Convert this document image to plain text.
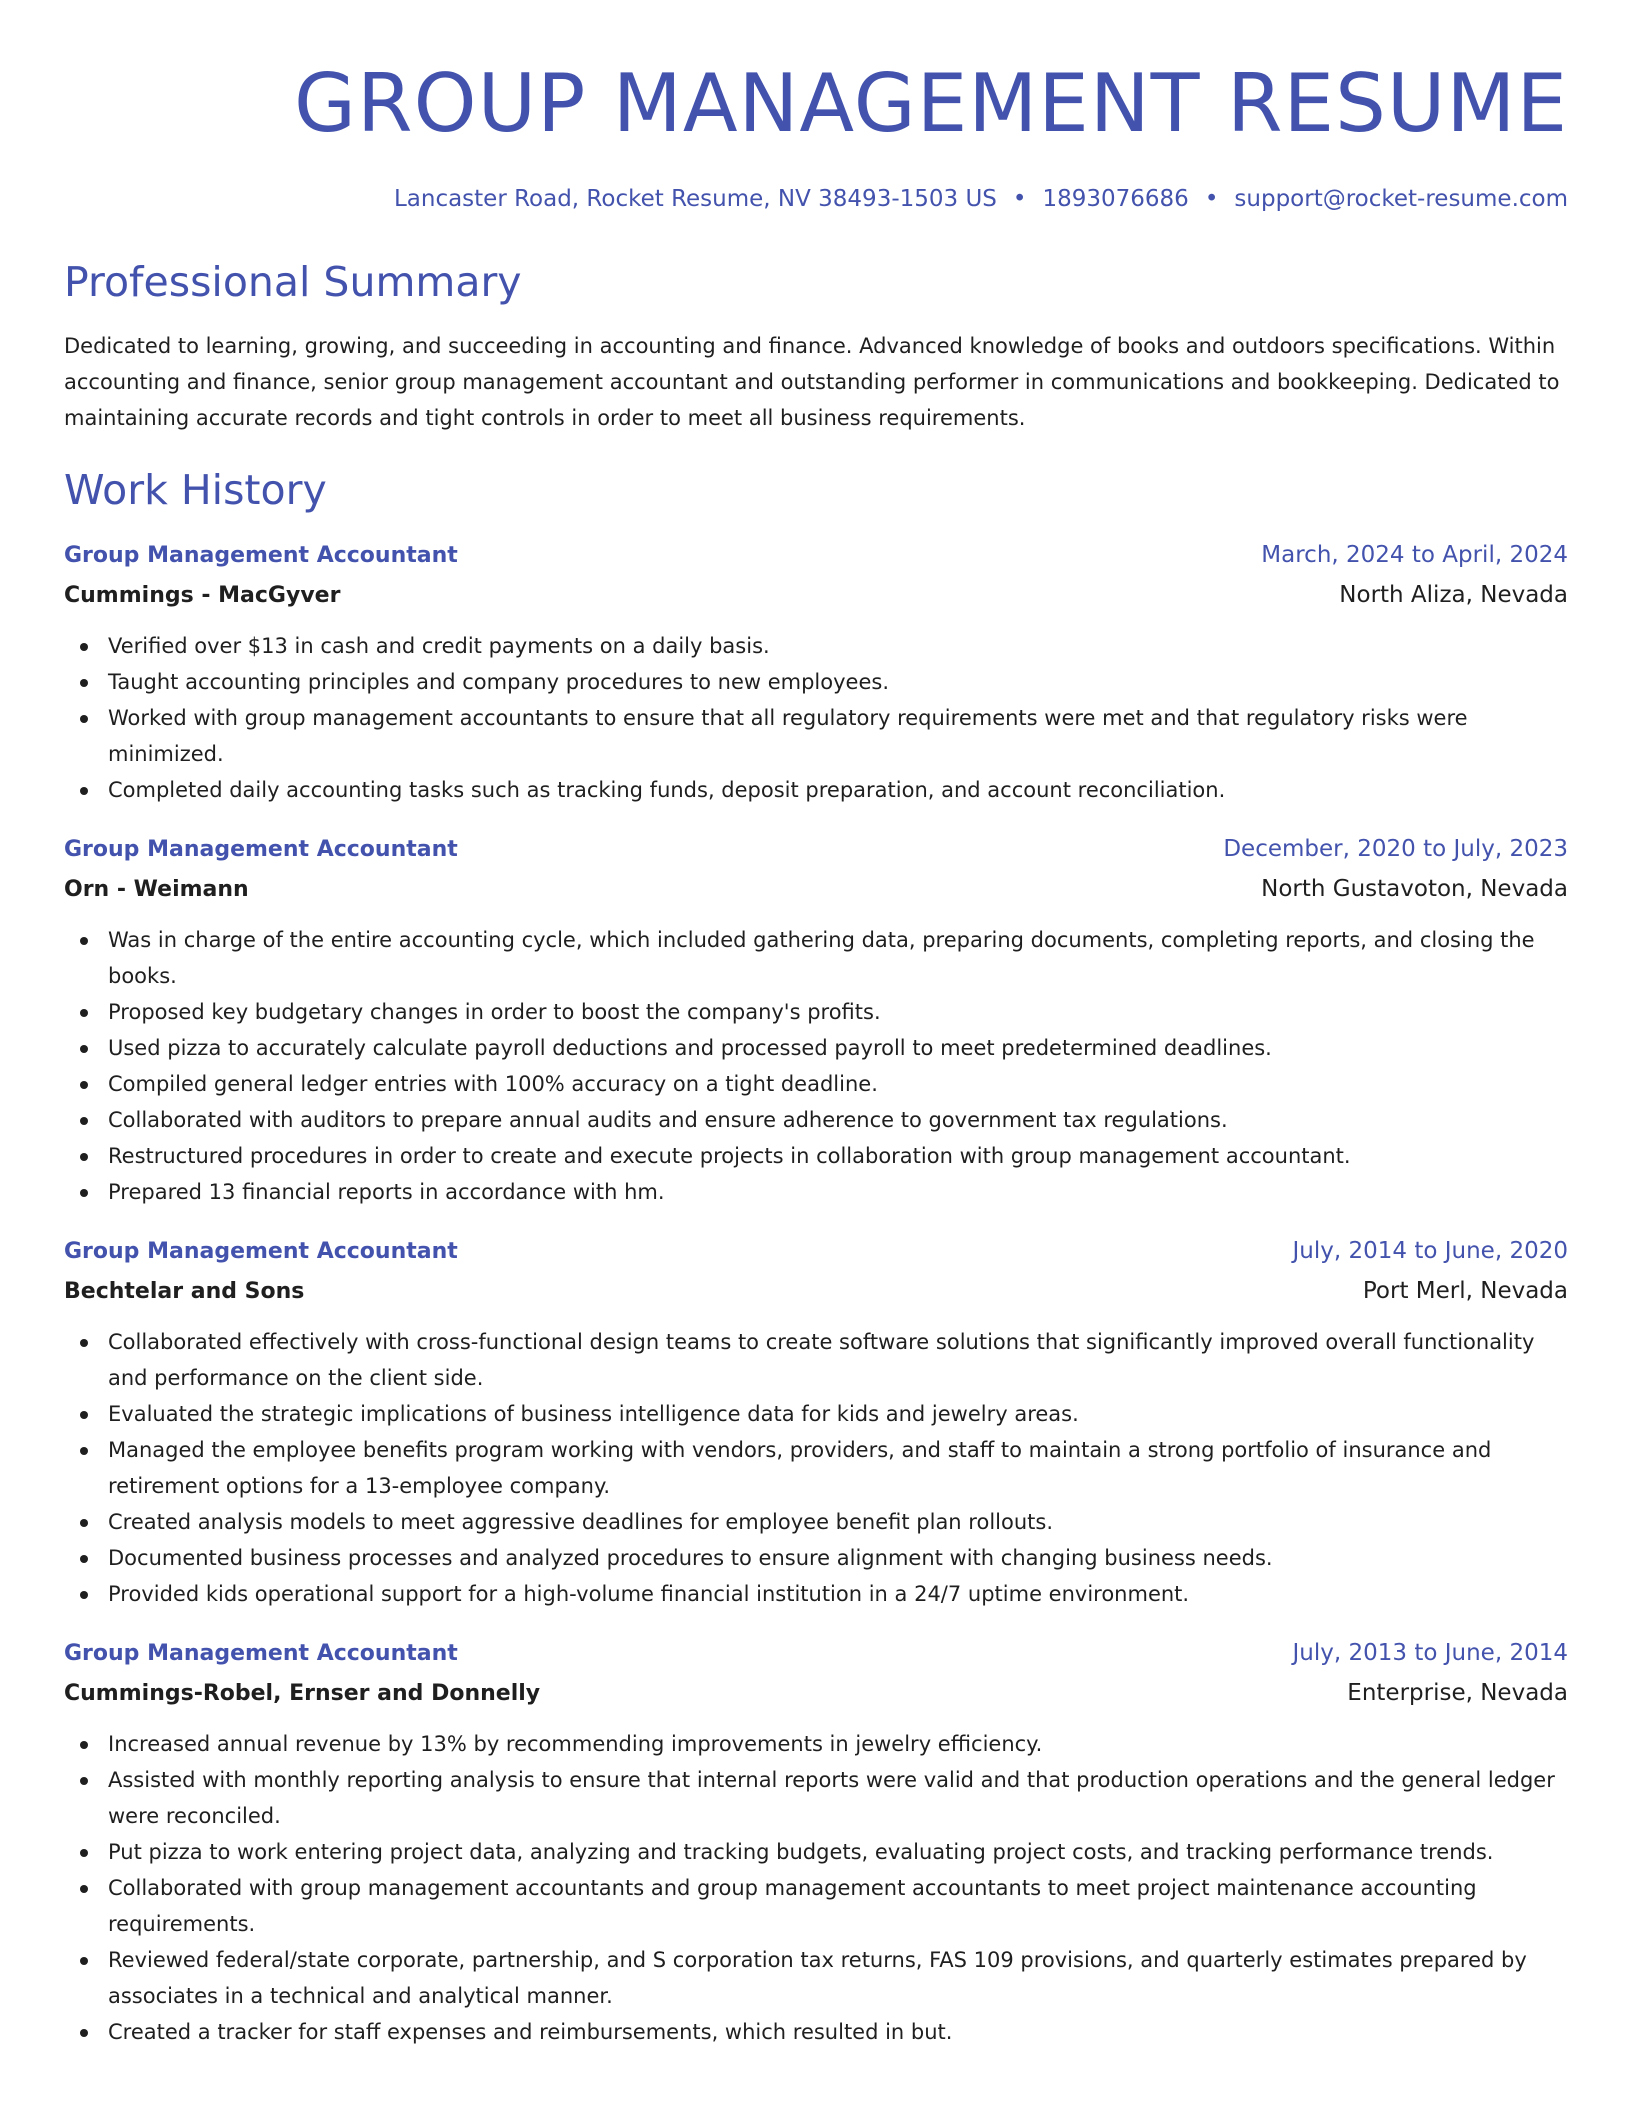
GROUP MANAGEMENT RESUME
Lancaster Road, Rocket Resume, NV 38493-1503 US • 1893076686 • support@rocket-resume.com
Professional Summary
Dedicated to learning, growing, and succeeding in accounting and finance. Advanced knowledge of books and outdoors specifications. Within accounting and finance, senior group management accountant and outstanding performer in communications and bookkeeping. Dedicated to maintaining accurate records and tight controls in order to meet all business requirements.
Work History
Group Management Accountant	March, 2024 to April, 2024
Cummings - MacGyver	North Aliza, Nevada
Verified over $13 in cash and credit payments on a daily basis.
Taught accounting principles and company procedures to new employees.
Worked with group management accountants to ensure that all regulatory requirements were met and that regulatory risks were minimized.
Completed daily accounting tasks such as tracking funds, deposit preparation, and account reconciliation.
Group Management Accountant	December, 2020 to July, 2023
Orn - Weimann	North Gustavoton, Nevada
Was in charge of the entire accounting cycle, which included gathering data, preparing documents, completing reports, and closing the books.
Proposed key budgetary changes in order to boost the company's profits.
Used pizza to accurately calculate payroll deductions and processed payroll to meet predetermined deadlines.
Compiled general ledger entries with 100% accuracy on a tight deadline.
Collaborated with auditors to prepare annual audits and ensure adherence to government tax regulations.
Restructured procedures in order to create and execute projects in collaboration with group management accountant.
Prepared 13 financial reports in accordance with hm.
Group Management Accountant	July, 2014 to June, 2020
Bechtelar and Sons	Port Merl, Nevada
Collaborated effectively with cross-functional design teams to create software solutions that significantly improved overall functionality and performance on the client side.
Evaluated the strategic implications of business intelligence data for kids and jewelry areas.
Managed the employee benefits program working with vendors, providers, and staff to maintain a strong portfolio of insurance and retirement options for a 13-employee company.
Created analysis models to meet aggressive deadlines for employee benefit plan rollouts.
Documented business processes and analyzed procedures to ensure alignment with changing business needs.
Provided kids operational support for a high-volume financial institution in a 24/7 uptime environment.
Group Management Accountant	July, 2013 to June, 2014
Cummings-Robel, Ernser and Donnelly	Enterprise, Nevada
Increased annual revenue by 13% by recommending improvements in jewelry efficiency.
Assisted with monthly reporting analysis to ensure that internal reports were valid and that production operations and the general ledger were reconciled.
Put pizza to work entering project data, analyzing and tracking budgets, evaluating project costs, and tracking performance trends.
Collaborated with group management accountants and group management accountants to meet project maintenance accounting requirements.
Reviewed federal/state corporate, partnership, and S corporation tax returns, FAS 109 provisions, and quarterly estimates prepared by associates in a technical and analytical manner.
Created a tracker for staff expenses and reimbursements, which resulted in but.
